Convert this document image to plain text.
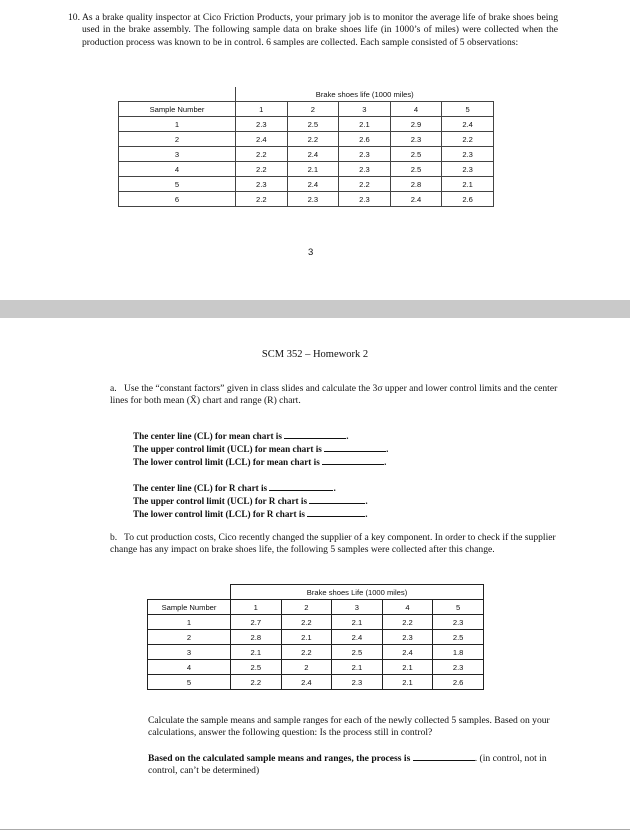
10. As a brake quality inspector at Cico Friction Products, your primary job is to monitor the average life of brake shoes being used in the brake assembly. The following sample data on brake shoes life (in 1000’s of miles) were collected when the production process was known to be in control. 6 samples are collected. Each sample consisted of 5 observations:
	Brake shoes life (1000 miles)				
Sample Number	1	2	3	4	5
1	2.3	2.5	2.1	2.9	2.4
2	2.4	2.2	2.6	2.3	2.2
3	2.2	2.4	2.3	2.5	2.3
4	2.2	2.1	2.3	2.5	2.3
5	2.3	2.4	2.2	2.8	2.1
6	2.2	2.3	2.3	2.4	2.6
3
SCM 352 – Homework 2
a. Use the “constant factors” given in class slides and calculate the 3σ upper and lower control limits and the center lines for both mean (X̄) chart and range (R) chart.
The center line (CL) for mean chart is	.
The upper control limit (UCL) for mean chart is	.
The lower control limit (LCL) for mean chart is	.
The center line (CL) for R chart is	.
The upper control limit (UCL) for R chart is	.
The lower control limit (LCL) for R chart is	.
b. To cut production costs, Cico recently changed the supplier of a key component. In order to check if the supplier change has any impact on brake shoes life, the following 5 samples were collected after this change.
	Brake shoes Life (1000 miles)				
Sample Number	1	2	3	4	5
1	2.7	2.2	2.1	2.2	2.3
2	2.8	2.1	2.4	2.3	2.5
3	2.1	2.2	2.5	2.4	1.8
4	2.5	2	2.1	2.1	2.3
5	2.2	2.4	2.3	2.1	2.6
Calculate the sample means and sample ranges for each of the newly collected 5 samples. Based on your calculations, answer the following question: Is the process still in control?
Based on the calculated sample means and ranges, the process is	. (in control, not in control, can’t be determined)
